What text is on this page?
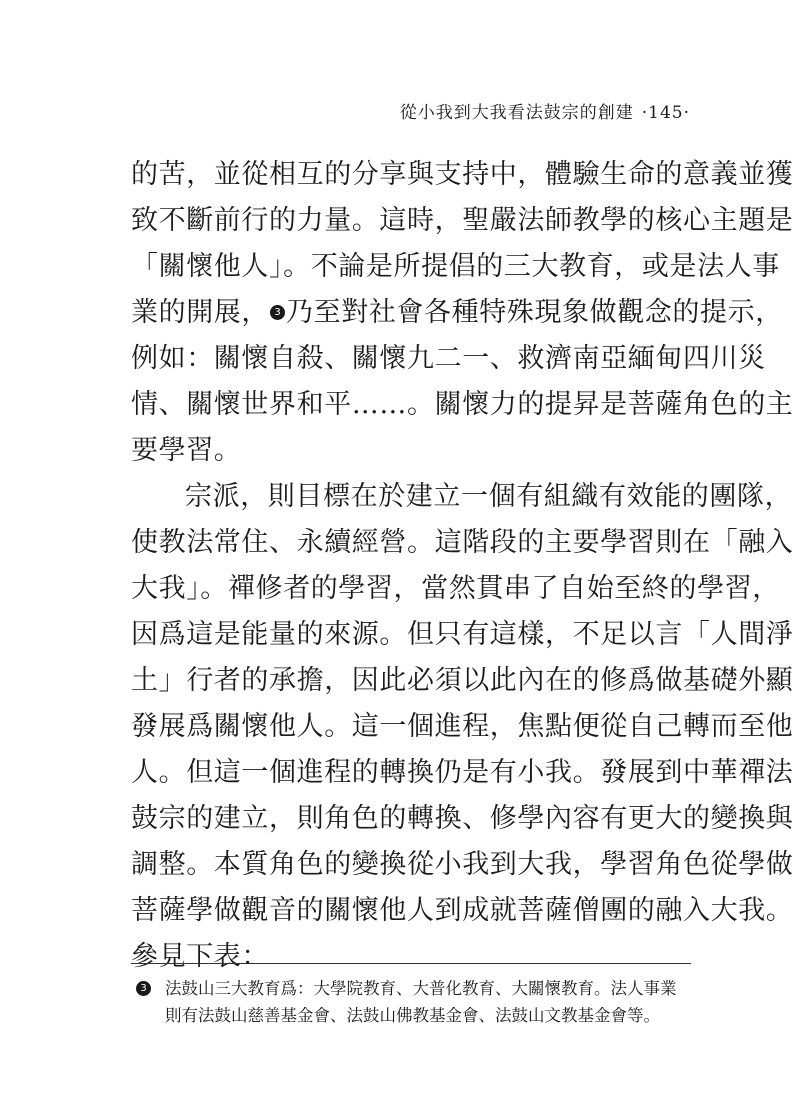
從小我到大我看法鼓宗的創建 ·145·
的苦，並從相互的分享與支持中，體驗生命的意義並獲
致不斷前行的力量。這時，聖嚴法師教學的核心主題是
「關懷他人」。不論是所提倡的三大教育，或是法人事
業的開展， 3 乃至對社會各種特殊現象做觀念的提示，
例如：關懷自殺、關懷九二一、救濟南亞緬甸四川災
情、關懷世界和平……。關懷力的提昇是菩薩角色的主
要學習。
宗派，則目標在於建立一個有組織有效能的團隊，
使教法常住、永續經營。這階段的主要學習則在「融入
大我」。禪修者的學習，當然貫串了自始至終的學習，
因爲這是能量的來源。但只有這樣，不足以言「人間淨
土」行者的承擔，因此必須以此內在的修爲做基礎外顯
發展爲關懷他人。這一個進程，焦點便從自己轉而至他
人。但這一個進程的轉換仍是有小我。發展到中華禪法
鼓宗的建立，則角色的轉換、修學內容有更大的變換與
調整。本質角色的變換從小我到大我，學習角色從學做
菩薩學做觀音的關懷他人到成就菩薩僧團的融入大我。
參見下表：
3 法鼓山三大教育爲：大學院教育、大普化教育、大關懷教育。法人事業
則有法鼓山慈善基金會、法鼓山佛教基金會、法鼓山文教基金會等。
